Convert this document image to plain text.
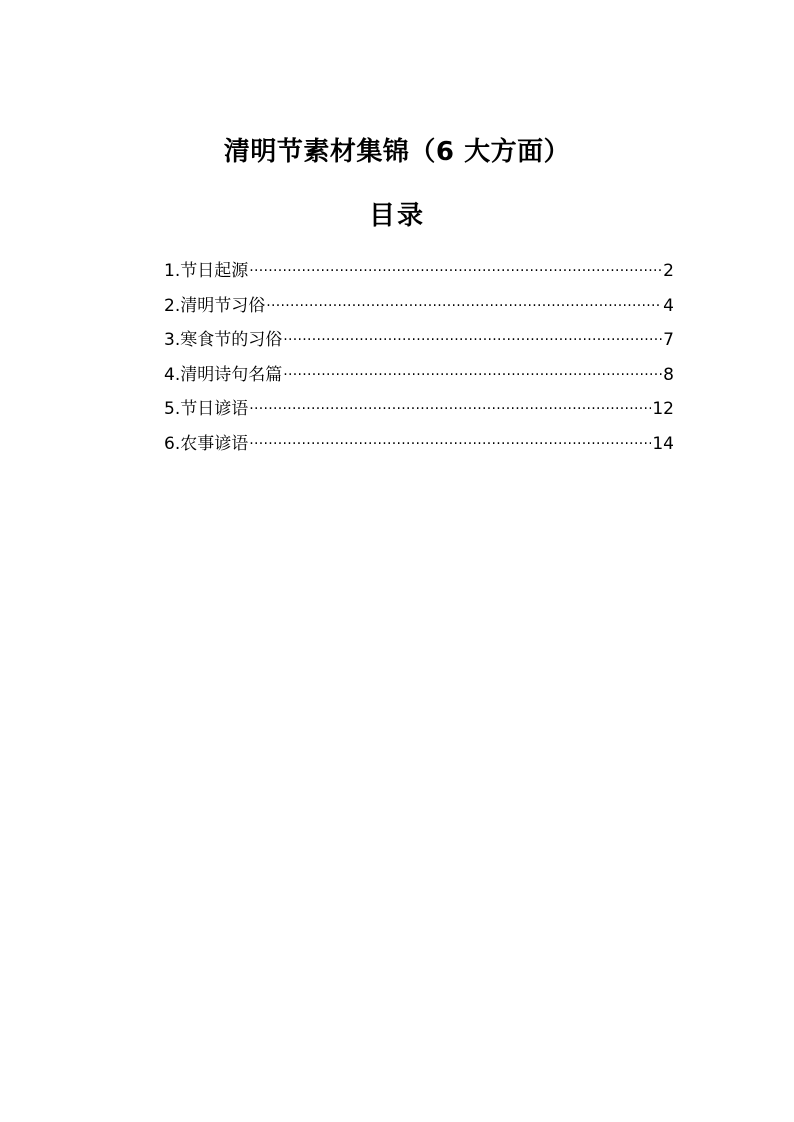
清明节素材集锦（6 大方面）
目录
1.节日起源 .....	2
2.清明节习俗 .....	4
3.寒食节的习俗 .....	7
4.清明诗句名篇 .....	8
5.节日谚语 .....	12
6.农事谚语 .....	14
